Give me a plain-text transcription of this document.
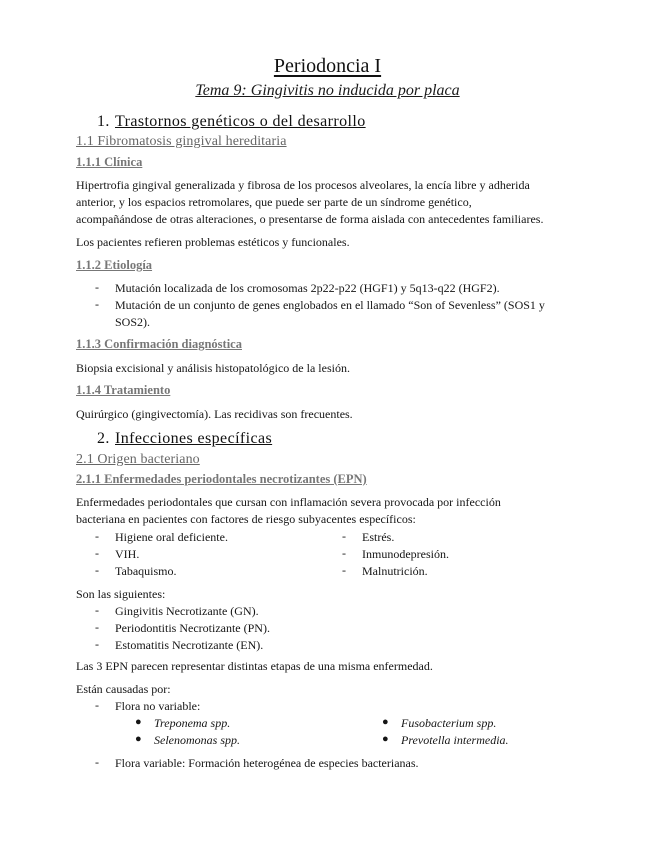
Periodoncia I
Tema 9: Gingivitis no inducida por placa
1. Trastornos genéticos o del desarrollo
1.1 Fibromatosis gingival hereditaria
1.1.1 Clínica
Hipertrofia gingival generalizada y fibrosa de los procesos alveolares, la encía libre y adherida
anterior, y los espacios retromolares, que puede ser parte de un síndrome genético,
acompañándose de otras alteraciones, o presentarse de forma aislada con antecedentes familiares.
Los pacientes refieren problemas estéticos y funcionales.
1.1.2 Etiología
- Mutación localizada de los cromosomas 2p22-p22 (HGF1) y 5q13-q22 (HGF2).
- Mutación de un conjunto de genes englobados en el llamado “Son of Sevenless” (SOS1 y
SOS2).
1.1.3 Confirmación diagnóstica
Biopsia excisional y análisis histopatológico de la lesión.
1.1.4 Tratamiento
Quirúrgico (gingivectomía). Las recidivas son frecuentes.
2. Infecciones específicas
2.1 Origen bacteriano
2.1.1 Enfermedades periodontales necrotizantes (EPN)
Enfermedades periodontales que cursan con inflamación severa provocada por infección
bacteriana en pacientes con factores de riesgo subyacentes específicos:
- Higiene oral deficiente.
- VIH.
- Tabaquismo.
- Estrés.
- Inmunodepresión.
- Malnutrición.
Son las siguientes:
- Gingivitis Necrotizante (GN).
- Periodontitis Necrotizante (PN).
- Estomatitis Necrotizante (EN).
Las 3 EPN parecen representar distintas etapas de una misma enfermedad.
Están causadas por:
- Flora no variable:
● Treponema spp.
● Selenomonas spp.
● Fusobacterium spp.
● Prevotella intermedia.
- Flora variable: Formación heterogénea de especies bacterianas.
